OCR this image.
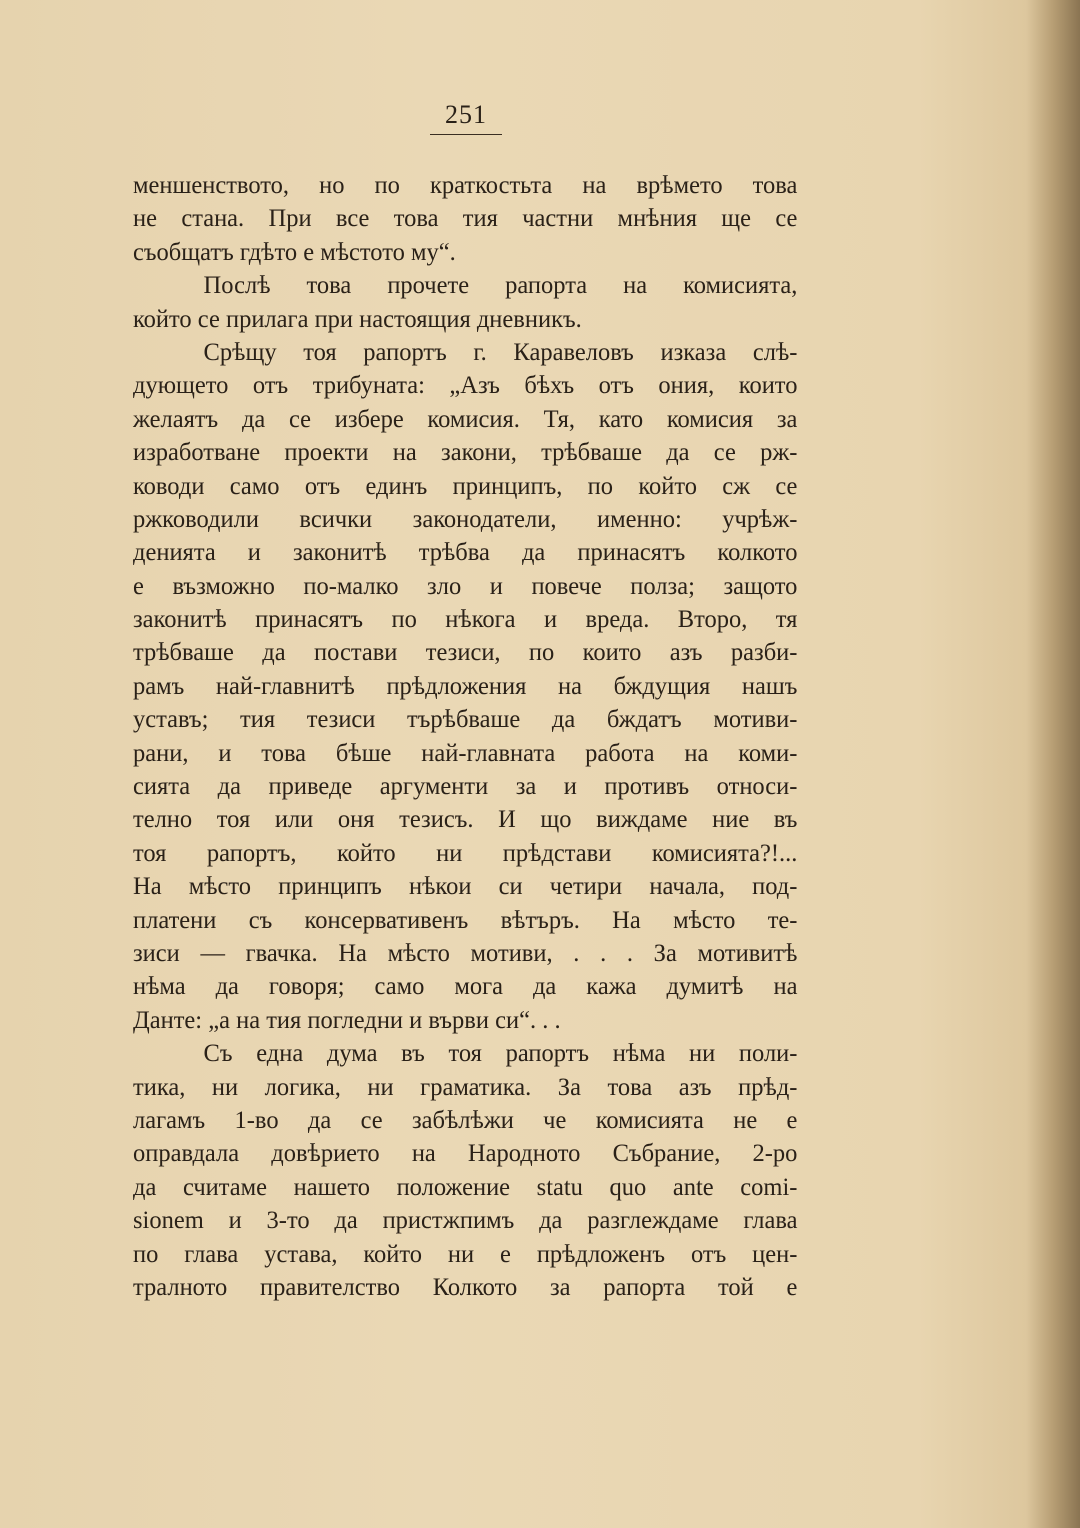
251
меншенството, но по краткостьта на врѣмето това
не стана. При все това тия частни мнѣния ще се
съобщатъ гдѣто е мѣстото му“.
Послѣ това прочете рапорта на комисията,
който се прилага при настоящия дневникъ.
Срѣщу тоя рапортъ г. Каравеловъ изказа слѣ-
дующето отъ трибуната: „Азъ бѣхъ отъ ония, които
желаятъ да се избере комисия. Тя, като комисия за
изработване проекти на закони, трѣбваше да се рж-
ководи само отъ единъ принципъ, по който сж се
ржководили всички законодатели, именно: учрѣж-
денията и законитѣ трѣбва да принасятъ колкото
е възможно по-малко зло и повече полза; защото
законитѣ принасятъ по нѣкога и вреда. Второ, тя
трѣбваше да постави тезиси, по които азъ разби-
рамъ най-главнитѣ прѣдложения на бждущия нашъ
уставъ; тия тезиси търѣбваше да бждатъ мотиви-
рани, и това бѣше най-главната работа на коми-
сията да приведе аргументи за и противъ относи-
телно тоя или оня тезисъ. И що виждаме ние въ
тоя рапортъ, който ни прѣдстави комисията?!...
На мѣсто принципъ нѣкои си четири начала, под-
платени съ консервативенъ вѣтъръ. На мѣсто те-
зиси — гвачка. На мѣсто мотиви, . . . За мотивитѣ
нѣма да говоря; само мога да кажа думитѣ на
Данте: „а на тия погледни и върви си“. . .
Съ една дума въ тоя рапортъ нѣма ни поли-
тика, ни логика, ни граматика. За това азъ прѣд-
лагамъ 1-во да се забѣлѣжи че комисията не е
оправдала довѣрието на Народното Събрание, 2-ро
да считаме нашето положение statu quo ante comi-
sionem и 3-то да пристжпимъ да разглеждаме глава
по глава устава, който ни е прѣдложенъ отъ цен-
тралното правителство Колкото за рапорта той е
